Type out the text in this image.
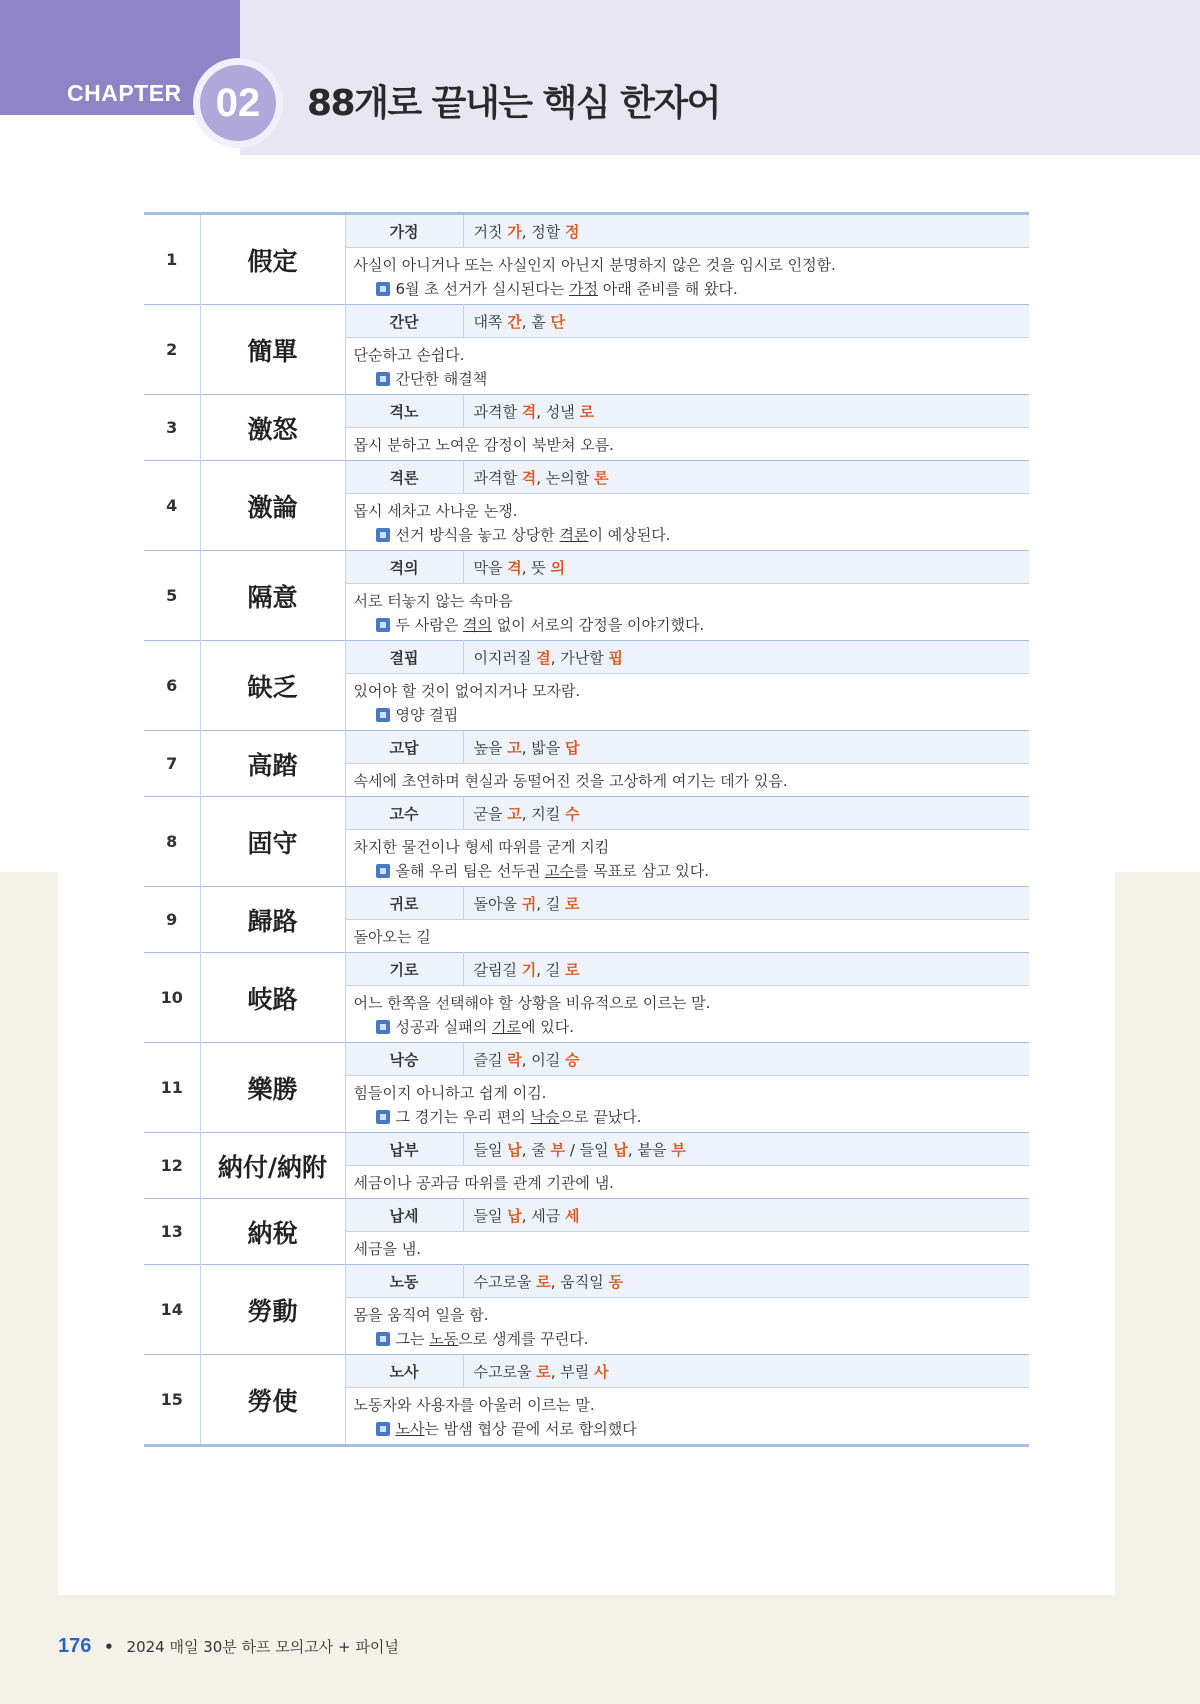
CHAPTER 02 88개로 끝내는 핵심 한자어
1	假定	가정	거짓 가, 정할 정
		사실이 아니거나 또는 사실인지 아닌지 분명하지 않은 것을 임시로 인정함.
6월 초 선거가 실시된다는 가정 아래 준비를 해 왔다.	

2	簡單	간단	대쪽 간, 홑 단
		단순하고 손쉽다.
간단한 해결책	

3	激怒	격노	과격할 격, 성낼 로
		몹시 분하고 노여운 감정이 북받쳐 오름.	
4	激論	격론	과격할 격, 논의할 론
		몹시 세차고 사나운 논쟁.
선거 방식을 놓고 상당한 격론이 예상된다.	

5	隔意	격의	막을 격, 뜻 의
		서로 터놓지 않는 속마음
두 사람은 격의 없이 서로의 감정을 이야기했다.	

6	缺乏	결핍	이지러질 결, 가난할 핍
		있어야 할 것이 없어지거나 모자람.
영양 결핍	

7	高踏	고답	높을 고, 밟을 답
		속세에 초연하며 현실과 동떨어진 것을 고상하게 여기는 데가 있음.	
8	固守	고수	굳을 고, 지킬 수
		차지한 물건이나 형세 따위를 굳게 지킴
올해 우리 팀은 선두권 고수를 목표로 삼고 있다.	

9	歸路	귀로	돌아올 귀, 길 로
		돌아오는 길	
10	岐路	기로	갈림길 기, 길 로
		어느 한쪽을 선택해야 할 상황을 비유적으로 이르는 말.
성공과 실패의 기로에 있다.	

11	樂勝	낙승	즐길 락, 이길 승
		힘들이지 아니하고 쉽게 이김.
그 경기는 우리 편의 낙승으로 끝났다.	

12	納付/納附	납부	들일 납, 줄 부 / 들일 납, 붙을 부
		세금이나 공과금 따위를 관계 기관에 냄.	
13	納稅	납세	들일 납, 세금 세
		세금을 냄.	
14	勞動	노동	수고로울 로, 움직일 동
		몸을 움직여 일을 함.
그는 노동으로 생계를 꾸린다.	

15	勞使	노사	수고로울 로, 부릴 사
		노동자와 사용자를 아울러 이르는 말.
노사는 밤샘 협상 끝에 서로 합의했다	
176 • 2024 매일 30분 하프 모의고사 + 파이널
